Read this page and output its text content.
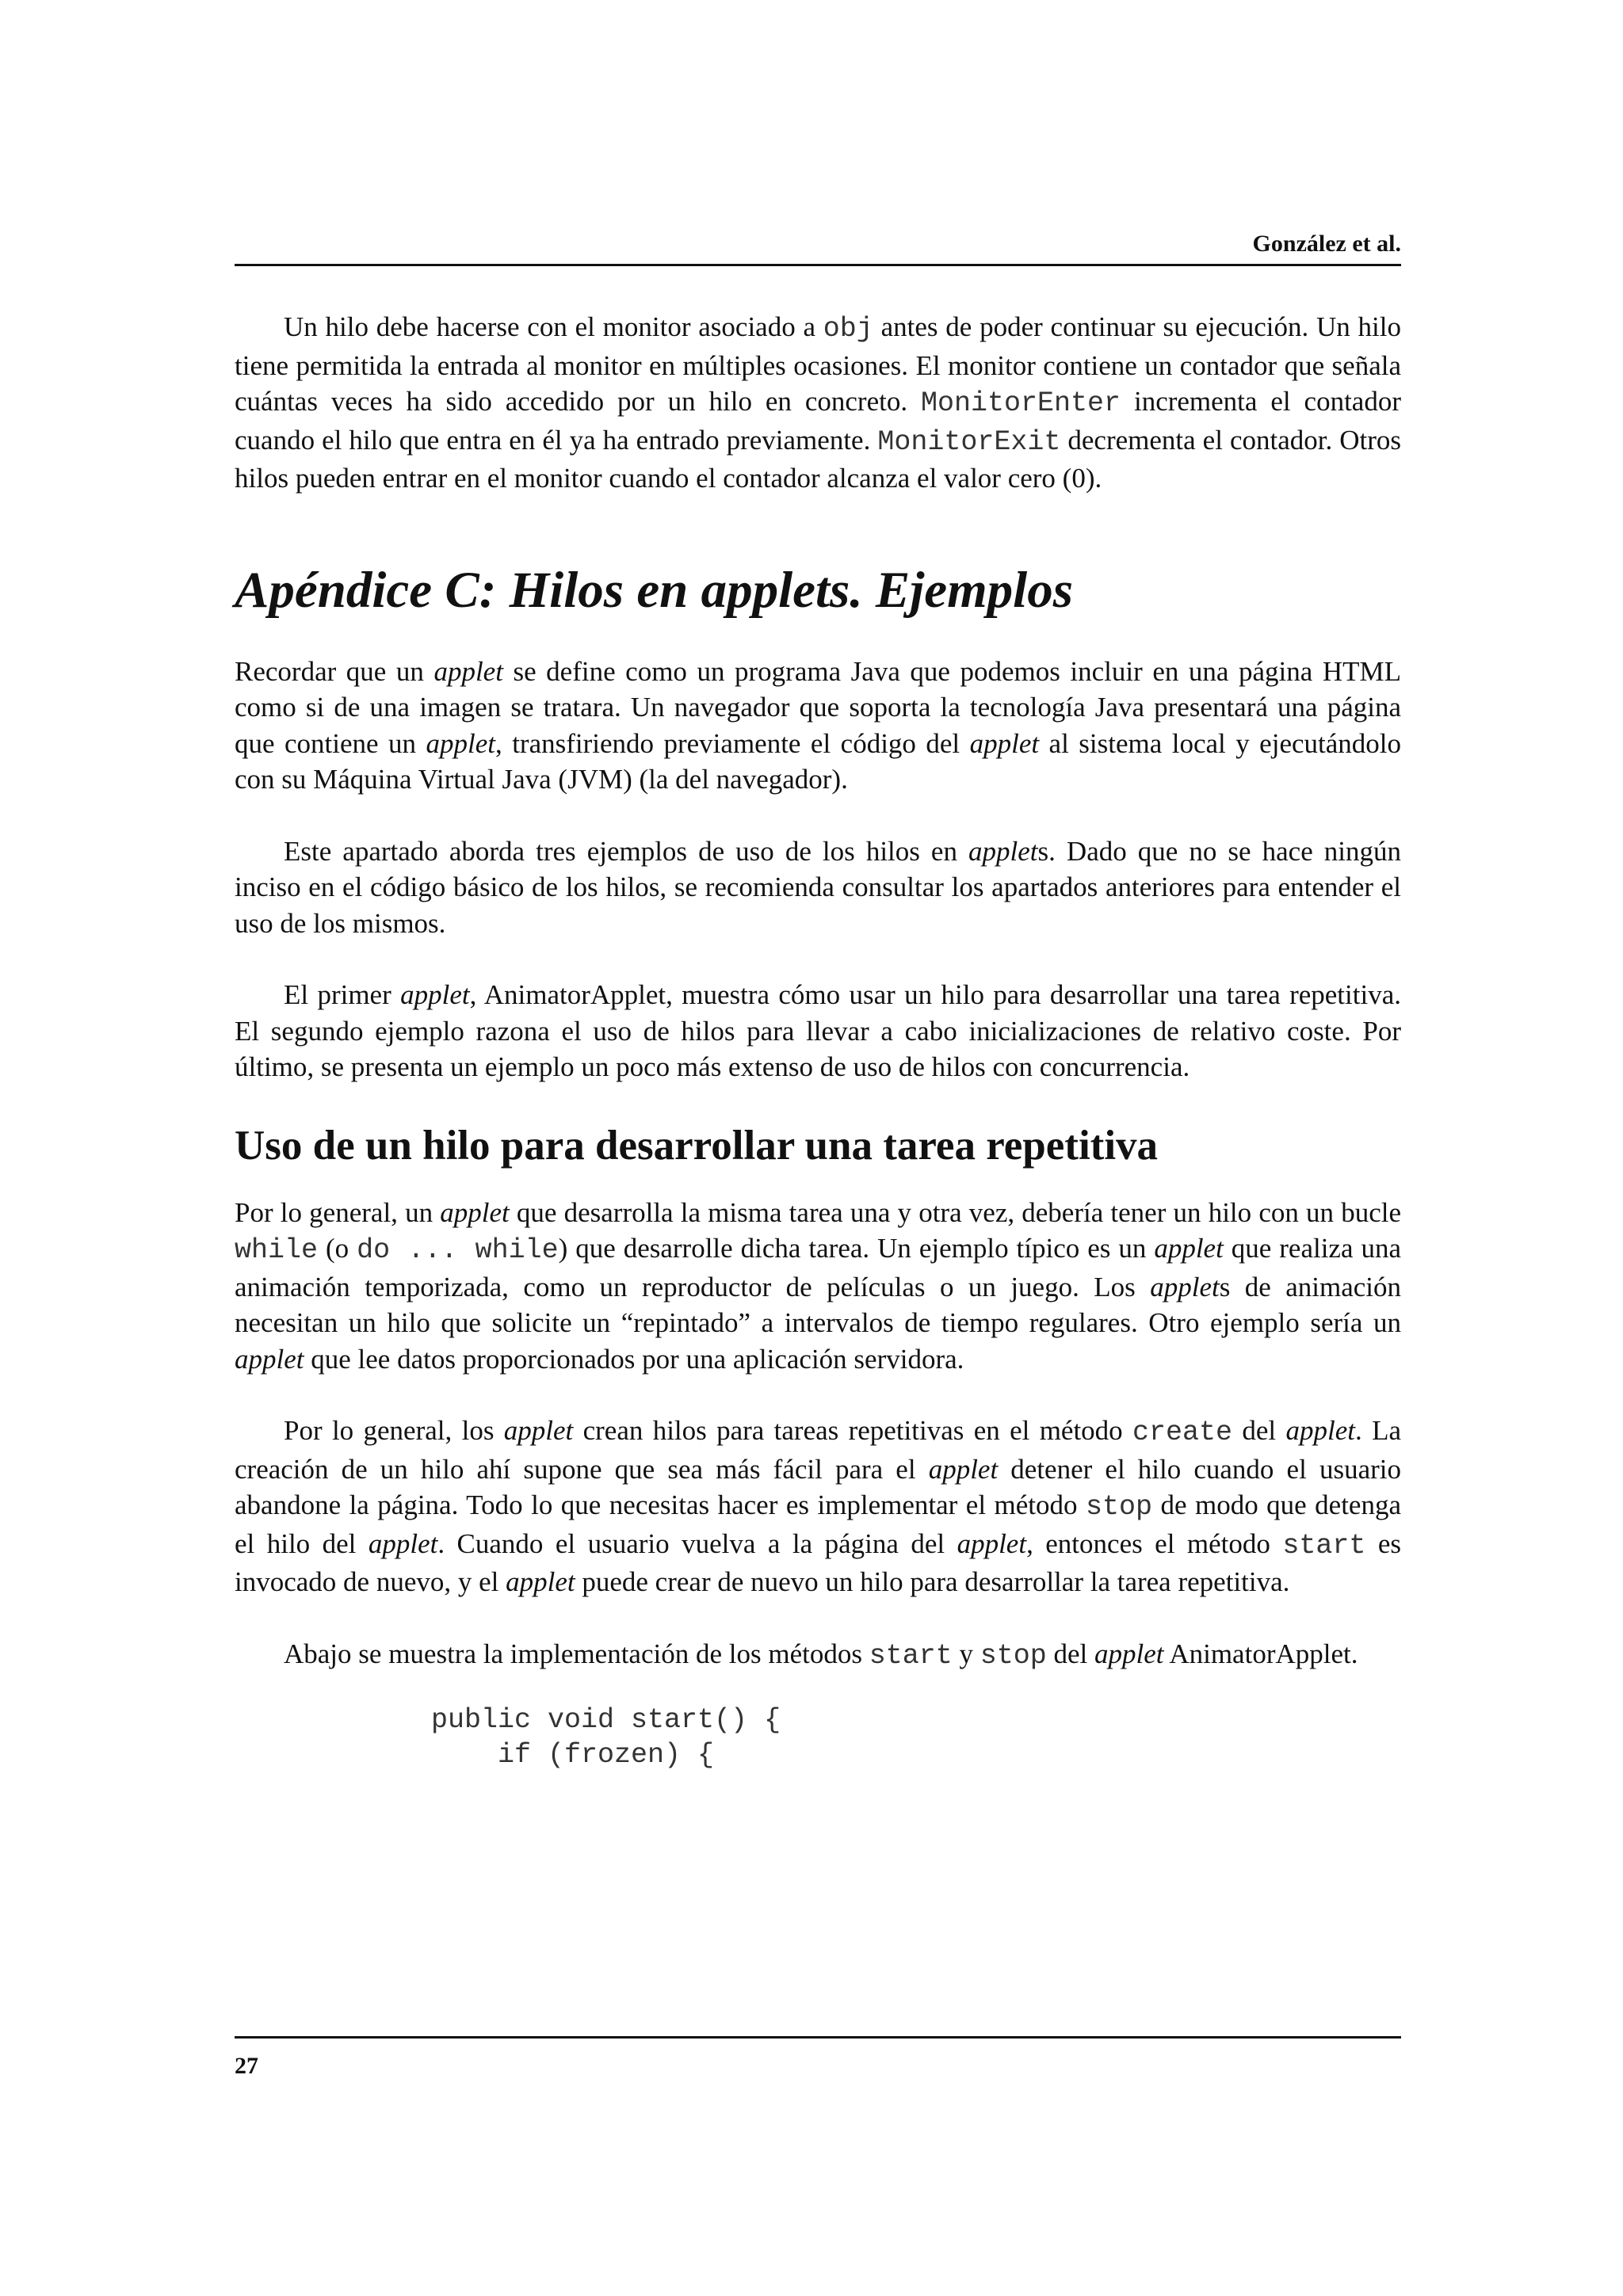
González et al.

Un hilo debe hacerse con el monitor asociado a obj antes de poder continuar su ejecución. Un hilo tiene permitida la entrada al monitor en múltiples ocasiones. El monitor contiene un contador que señala cuántas veces ha sido accedido por un hilo en concreto. MonitorEnter incrementa el contador cuando el hilo que entra en él ya ha entrado previamente. MonitorExit decrementa el contador. Otros hilos pueden entrar en el monitor cuando el contador alcanza el valor cero (0).

Apéndice C: Hilos en applets. Ejemplos

Recordar que un applet se define como un programa Java que podemos incluir en una página HTML como si de una imagen se tratara. Un navegador que soporta la tecnología Java presentará una página que contiene un applet, transfiriendo previamente el código del applet al sistema local y ejecutándolo con su Máquina Virtual Java (JVM) (la del navegador).

Este apartado aborda tres ejemplos de uso de los hilos en applets. Dado que no se hace ningún inciso en el código básico de los hilos, se recomienda consultar los apartados anteriores para entender el uso de los mismos.

El primer applet, AnimatorApplet, muestra cómo usar un hilo para desarrollar una tarea repetitiva. El segundo ejemplo razona el uso de hilos para llevar a cabo inicializaciones de relativo coste. Por último, se presenta un ejemplo un poco más extenso de uso de hilos con concurrencia.

Uso de un hilo para desarrollar una tarea repetitiva

Por lo general, un applet que desarrolla la misma tarea una y otra vez, debería tener un hilo con un bucle while (o do ... while) que desarrolle dicha tarea. Un ejemplo típico es un applet que realiza una animación temporizada, como un reproductor de películas o un juego. Los applets de animación necesitan un hilo que solicite un “repintado” a intervalos de tiempo regulares. Otro ejemplo sería un applet que lee datos proporcionados por una aplicación servidora.

Por lo general, los applet crean hilos para tareas repetitivas en el método create del applet. La creación de un hilo ahí supone que sea más fácil para el applet detener el hilo cuando el usuario abandone la página. Todo lo que necesitas hacer es implementar el método stop de modo que detenga el hilo del applet. Cuando el usuario vuelva a la página del applet, entonces el método start es invocado de nuevo, y el applet puede crear de nuevo un hilo para desarrollar la tarea repetitiva.

Abajo se muestra la implementación de los métodos start y stop del applet AnimatorApplet.

public void start() {
if (frozen) {
27
